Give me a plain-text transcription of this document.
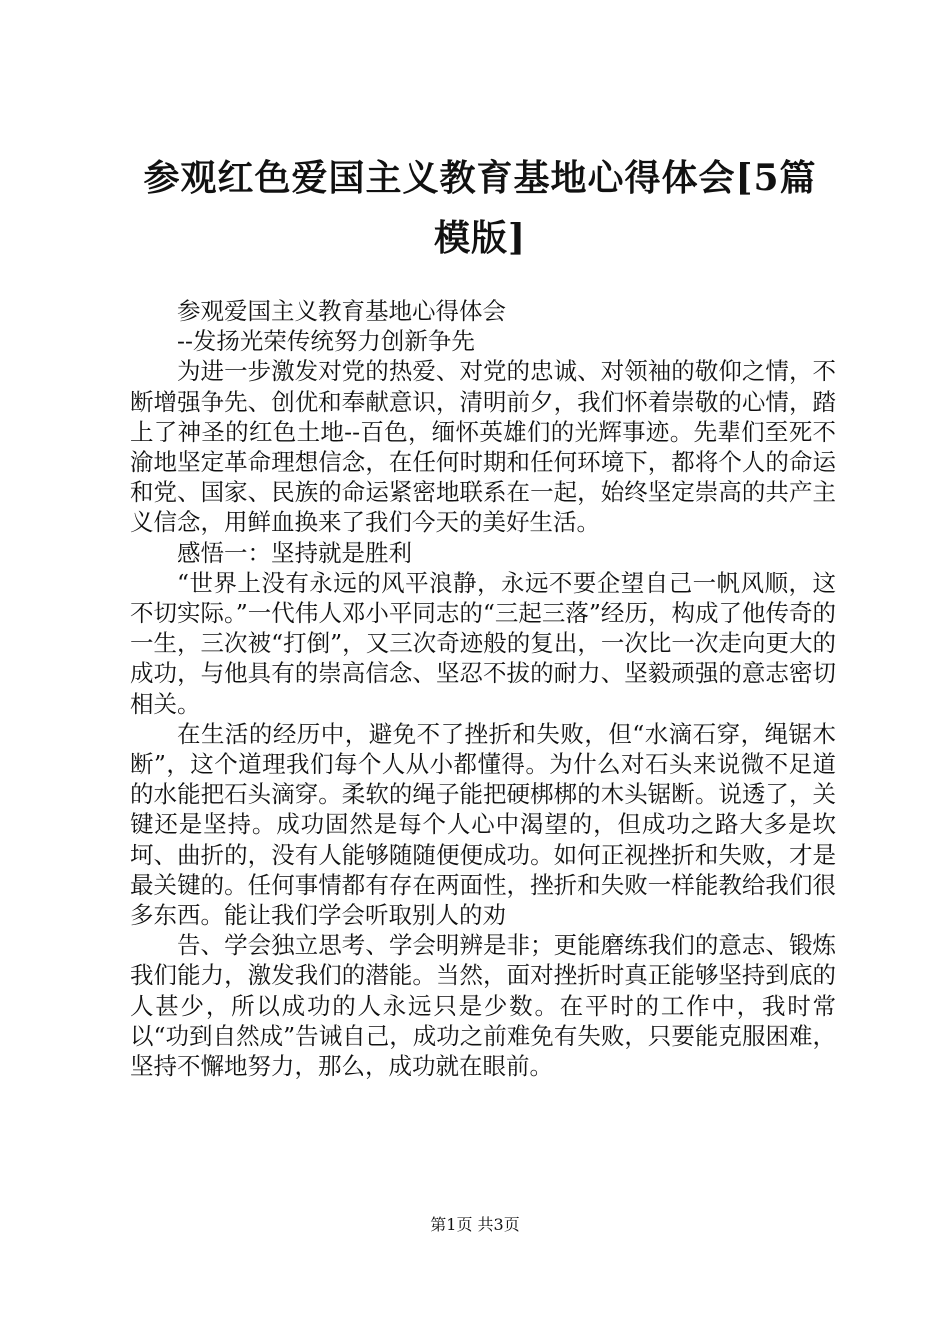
参观红色爱国主义教育基地心得体会[5篇模版]

参观爱国主义教育基地心得体会

--发扬光荣传统努力创新争先

为进一步激发对党的热爱、对党的忠诚、对领袖的敬仰之情，不断增强争先、创优和奉献意识，清明前夕，我们怀着崇敬的心情，踏上了神圣的红色土地--百色，缅怀英雄们的光辉事迹。先辈们至死不渝地坚定革命理想信念，在任何时期和任何环境下，都将个人的命运和党、国家、民族的命运紧密地联系在一起，始终坚定崇高的共产主义信念，用鲜血换来了我们今天的美好生活。

感悟一：坚持就是胜利

“世界上没有永远的风平浪静，永远不要企望自己一帆风顺，这不切实际。”一代伟人邓小平同志的“三起三落”经历，构成了他传奇的一生，三次被“打倒”，又三次奇迹般的复出，一次比一次走向更大的成功，与他具有的崇高信念、坚忍不拔的耐力、坚毅顽强的意志密切相关。

在生活的经历中，避免不了挫折和失败，但“水滴石穿，绳锯木断”，这个道理我们每个人从小都懂得。为什么对石头来说微不足道的水能把石头滴穿。柔软的绳子能把硬梆梆的木头锯断。说透了，关键还是坚持。成功固然是每个人心中渴望的，但成功之路大多是坎坷、曲折的，没有人能够随随便便成功。如何正视挫折和失败，才是最关键的。任何事情都有存在两面性，挫折和失败一样能教给我们很多东西。能让我们学会听取别人的劝

告、学会独立思考、学会明辨是非；更能磨练我们的意志、锻炼我们能力，激发我们的潜能。当然，面对挫折时真正能够坚持到底的人甚少，所以成功的人永远只是少数。在平时的工作中，我时常以“功到自然成”告诫自己，成功之前难免有失败，只要能克服困难，坚持不懈地努力，那么，成功就在眼前。

第1页 共3页
